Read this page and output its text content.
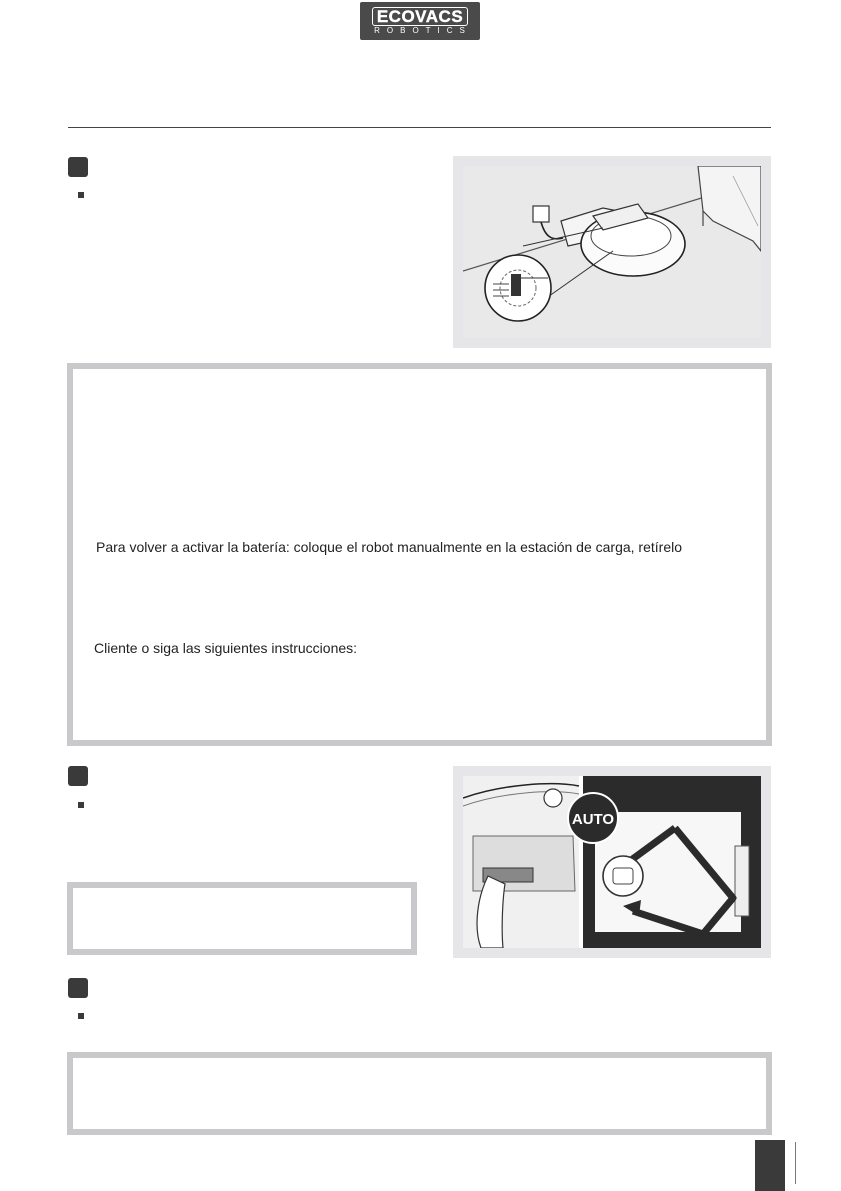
ECOVACS
ROBOTICS
Para volver a activar la batería: coloque el robot manualmente en la estación de carga, retírelo
Cliente o siga las siguientes instrucciones:
AUTO
